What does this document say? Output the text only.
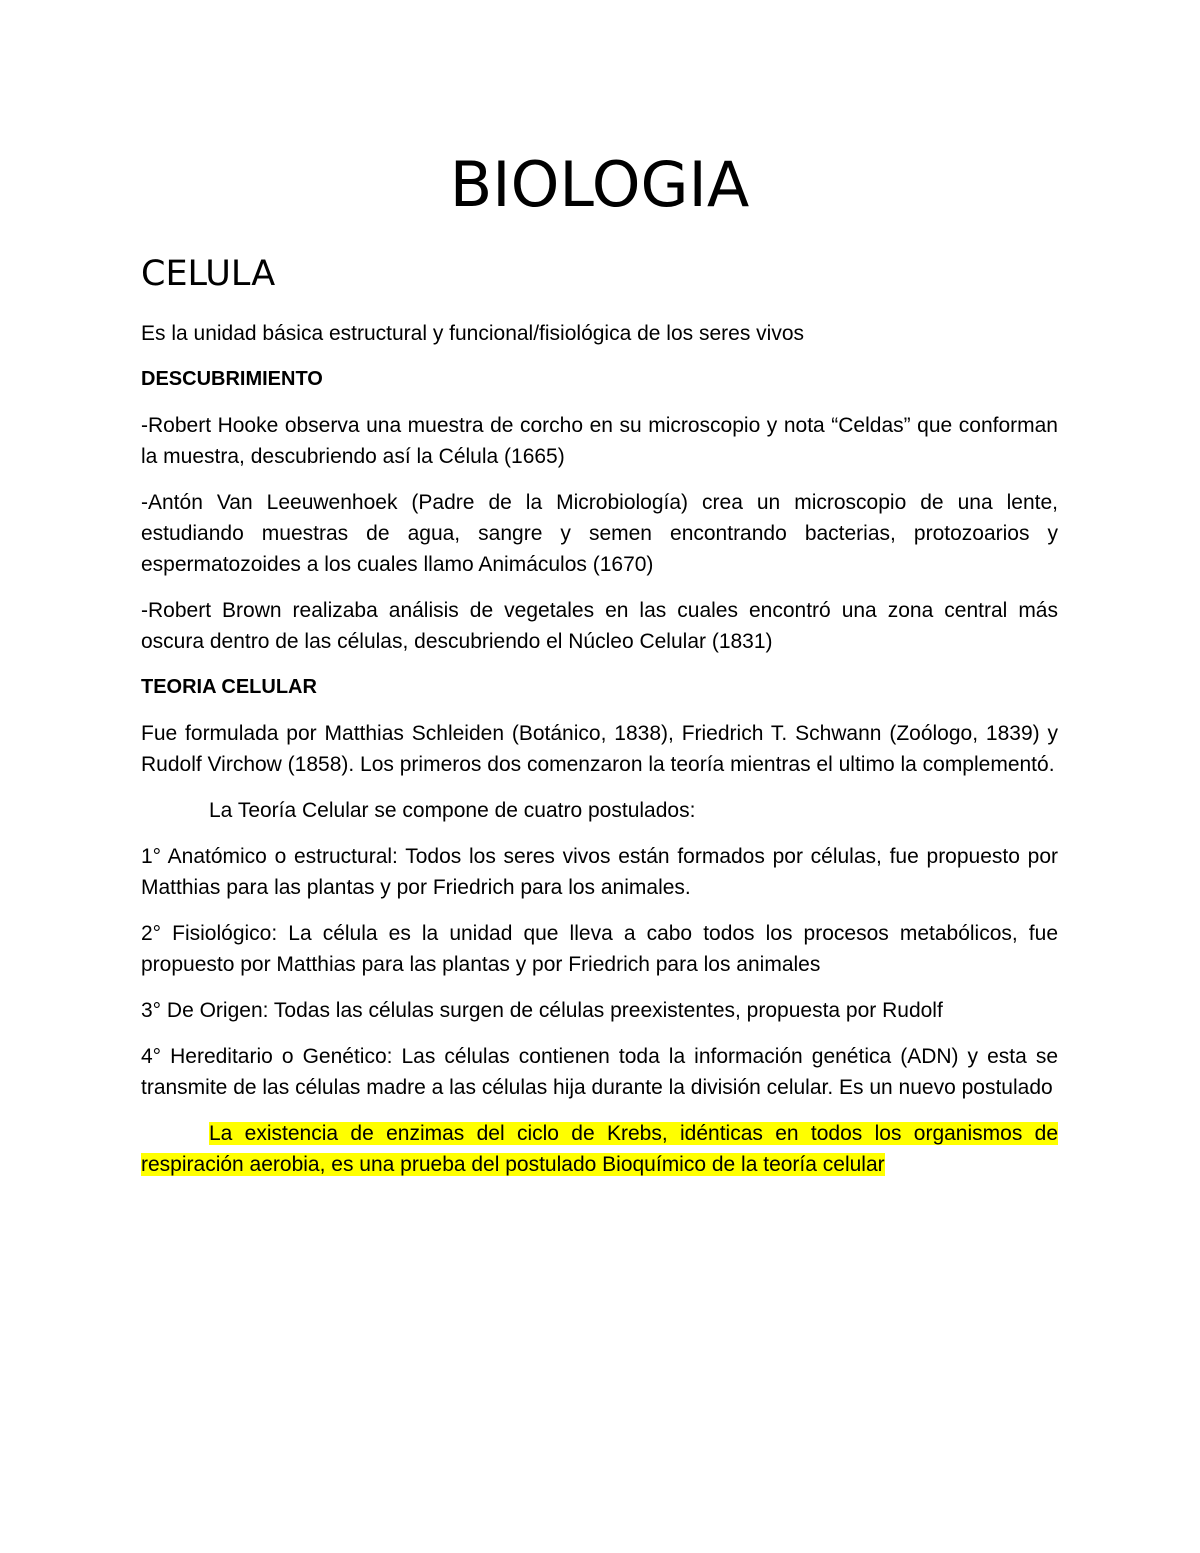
BIOLOGIA
CELULA

Es la unidad básica estructural y funcional/fisiológica de los seres vivos

DESCUBRIMIENTO

-Robert Hooke observa una muestra de corcho en su microscopio y nota “Celdas” que conforman la muestra, descubriendo así la Célula (1665)

-Antón Van Leeuwenhoek (Padre de la Microbiología) crea un microscopio de una lente, estudiando muestras de agua, sangre y semen encontrando bacterias, protozoarios y espermatozoides a los cuales llamo Animáculos (1670)

-Robert Brown realizaba análisis de vegetales en las cuales encontró una zona central más oscura dentro de las células, descubriendo el Núcleo Celular (1831)

TEORIA CELULAR

Fue formulada por Matthias Schleiden (Botánico, 1838), Friedrich T. Schwann (Zoólogo, 1839) y Rudolf Virchow (1858). Los primeros dos comenzaron la teoría mientras el ultimo la complementó.

La Teoría Celular se compone de cuatro postulados:

1° Anatómico o estructural: Todos los seres vivos están formados por células, fue propuesto por Matthias para las plantas y por Friedrich para los animales.

2° Fisiológico: La célula es la unidad que lleva a cabo todos los procesos metabólicos, fue propuesto por Matthias para las plantas y por Friedrich para los animales

3° De Origen: Todas las células surgen de células preexistentes, propuesta por Rudolf

4° Hereditario o Genético: Las células contienen toda la información genética (ADN) y esta se transmite de las células madre a las células hija durante la división celular. Es un nuevo postulado

La existencia de enzimas del ciclo de Krebs, idénticas en todos los organismos de respiración aerobia, es una prueba del postulado Bioquímico de la teoría celular
